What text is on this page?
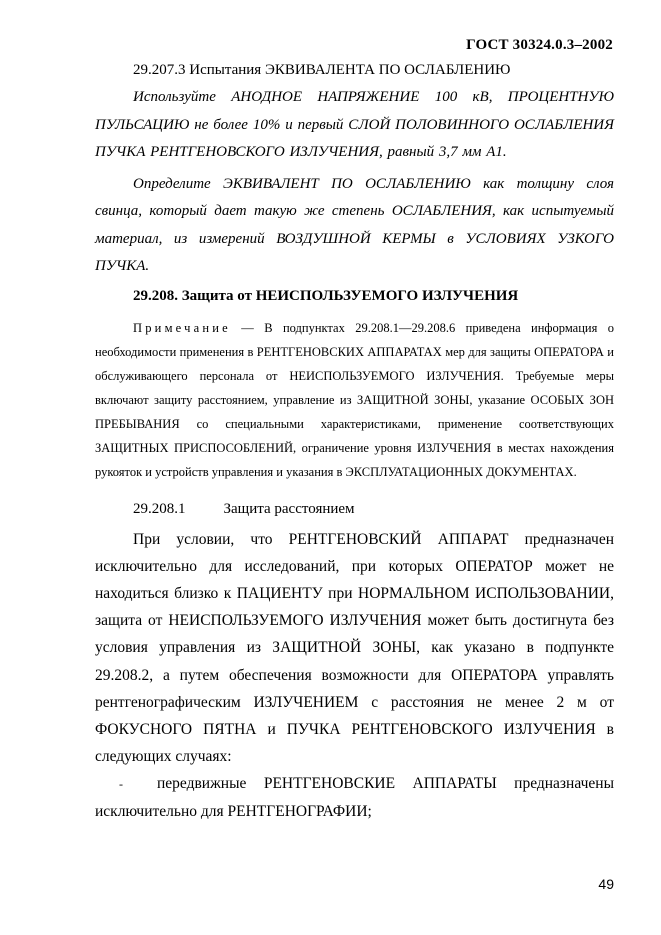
ГОСТ 30324.0.3–2002

29.207.3 Испытания ЭКВИВАЛЕНТА ПО ОСЛАБЛЕНИЮ

Используйте АНОДНОЕ НАПРЯЖЕНИЕ 100 кВ, ПРОЦЕНТНУЮ ПУЛЬСАЦИЮ не более 10% и первый СЛОЙ ПОЛОВИННОГО ОСЛАБЛЕНИЯ ПУЧКА РЕНТГЕНОВСКОГО ИЗЛУЧЕНИЯ, равный 3,7 мм А1.

Определите ЭКВИВАЛЕНТ ПО ОСЛАБЛЕНИЮ как толщину слоя свинца, который дает такую же степень ОСЛАБЛЕНИЯ, как испытуемый материал, из измерений ВОЗДУШНОЙ КЕРМЫ в УСЛОВИЯХ УЗКОГО ПУЧКА.

29.208. Защита от НЕИСПОЛЬЗУЕМОГО ИЗЛУЧЕНИЯ

Примечание — В подпунктах 29.208.1—29.208.6 приведена информация о необходимости применения в РЕНТГЕНОВСКИХ АППАРАТАХ мер для защиты ОПЕРАТОРА и обслуживающего персонала от НЕИСПОЛЬЗУЕМОГО ИЗЛУЧЕНИЯ. Требуемые меры включают защиту расстоянием, управление из ЗАЩИТНОЙ ЗОНЫ, указание ОСОБЫХ ЗОН ПРЕБЫВАНИЯ со специальными характеристиками, применение соответствующих ЗАЩИТНЫХ ПРИСПОСОБЛЕНИЙ, ограничение уровня ИЗЛУЧЕНИЯ в местах нахождения рукояток и устройств управления и указания в ЭКСПЛУАТАЦИОННЫХ ДОКУМЕНТАХ.

29.208.1	Защита расстоянием

При условии, что РЕНТГЕНОВСКИЙ АППАРАТ предназначен исключительно для исследований, при которых ОПЕРАТОР может не находиться близко к ПАЦИЕНТУ при НОРМАЛЬНОМ ИСПОЛЬЗОВАНИИ, защита от НЕИСПОЛЬЗУЕМОГО ИЗЛУЧЕНИЯ может быть достигнута без условия управления из ЗАЩИТНОЙ ЗОНЫ, как указано в подпункте 29.208.2, а путем обеспечения возможности для ОПЕРАТОРА управлять рентгенографическим ИЗЛУЧЕНИЕМ с расстояния не менее 2 м от ФОКУСНОГО ПЯТНА и ПУЧКА РЕНТГЕНОВСКОГО ИЗЛУЧЕНИЯ в следующих случаях:

- передвижные РЕНТГЕНОВСКИЕ АППАРАТЫ предназначены исключительно для РЕНТГЕНОГРАФИИ;

49
